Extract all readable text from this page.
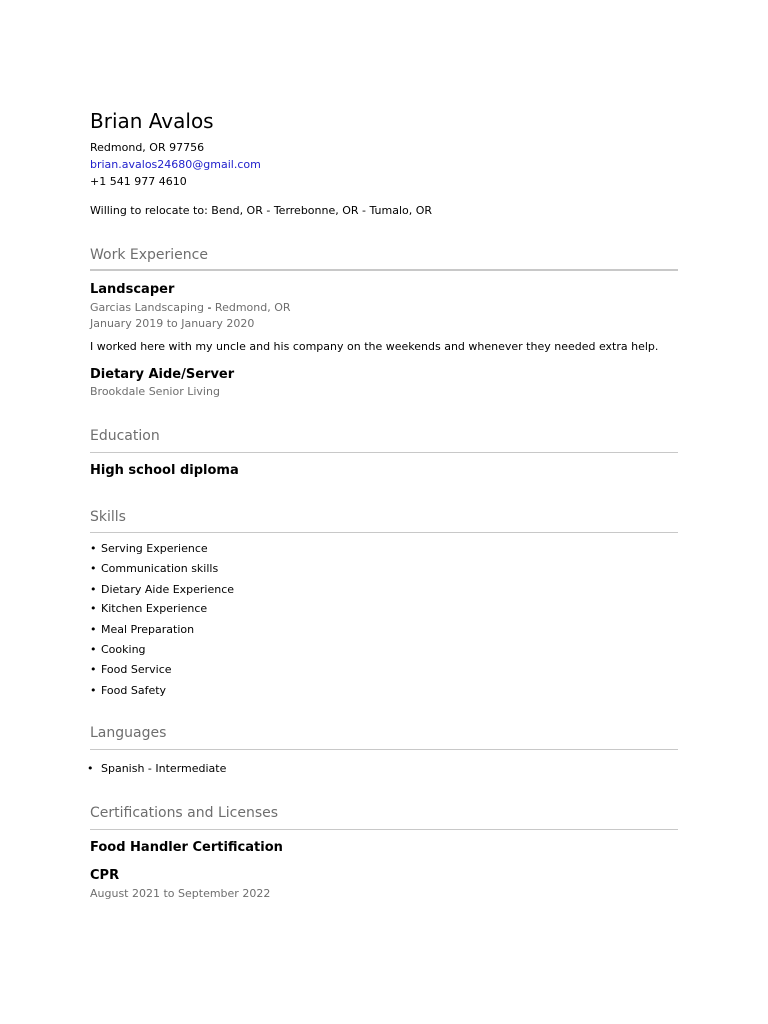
Brian Avalos
Redmond, OR 97756
brian.avalos24680@gmail.com
+1 541 977 4610
Willing to relocate to: Bend, OR - Terrebonne, OR - Tumalo, OR
Work Experience
Landscaper
Garcias Landscaping - Redmond, OR
January 2019 to January 2020
I worked here with my uncle and his company on the weekends and whenever they needed extra help.
Dietary Aide/Server
Brookdale Senior Living
Education
High school diploma
Skills
• Serving Experience
• Communication skills
• Dietary Aide Experience
• Kitchen Experience
• Meal Preparation
• Cooking
• Food Service
• Food Safety
Languages
• Spanish - Intermediate
Certifications and Licenses
Food Handler Certification
CPR
August 2021 to September 2022
